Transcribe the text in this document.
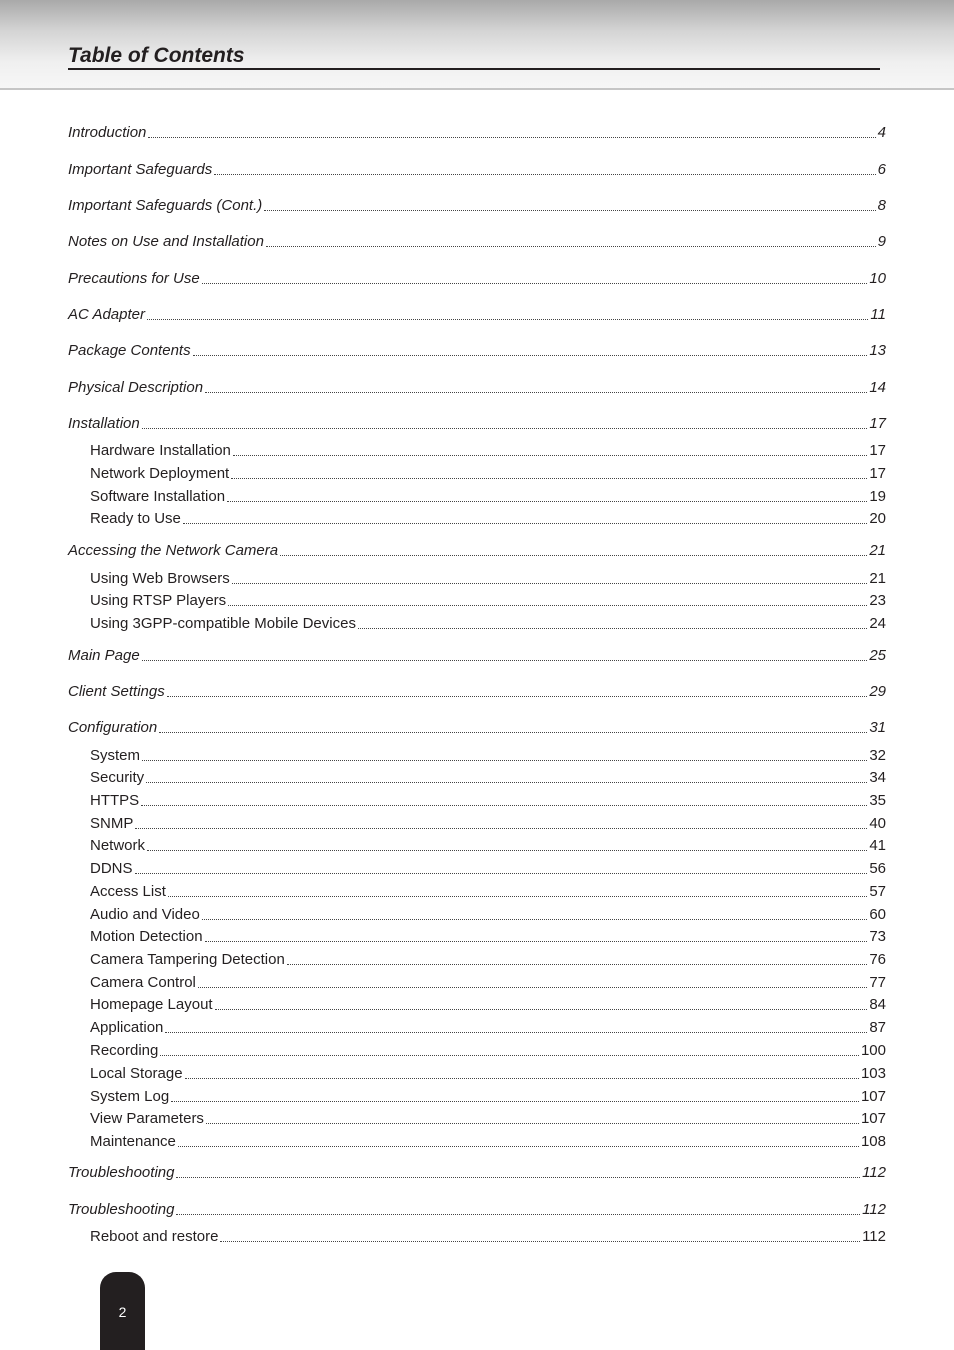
Table of Contents
Introduction	4
Important Safeguards	6
Important Safeguards (Cont.)	8
Notes on Use and Installation	9
Precautions for Use	10
AC Adapter	11
Package Contents	13
Physical Description	14
Installation	17
Hardware Installation	17
Network Deployment	17
Software Installation	19
Ready to Use	20
Accessing the Network Camera	21
Using Web Browsers	21
Using RTSP Players	23
Using 3GPP-compatible Mobile Devices	24
Main Page	25
Client Settings	29
Configuration	31
System	32
Security	34
HTTPS	35
SNMP	40
Network	41
DDNS	56
Access List	57
Audio and Video	60
Motion Detection	73
Camera Tampering Detection	76
Camera Control	77
Homepage Layout	84
Application	87
Recording	100
Local Storage	103
System Log	107
View Parameters	107
Maintenance	108
Troubleshooting	112
Troubleshooting	112
Reboot and restore	112
2
